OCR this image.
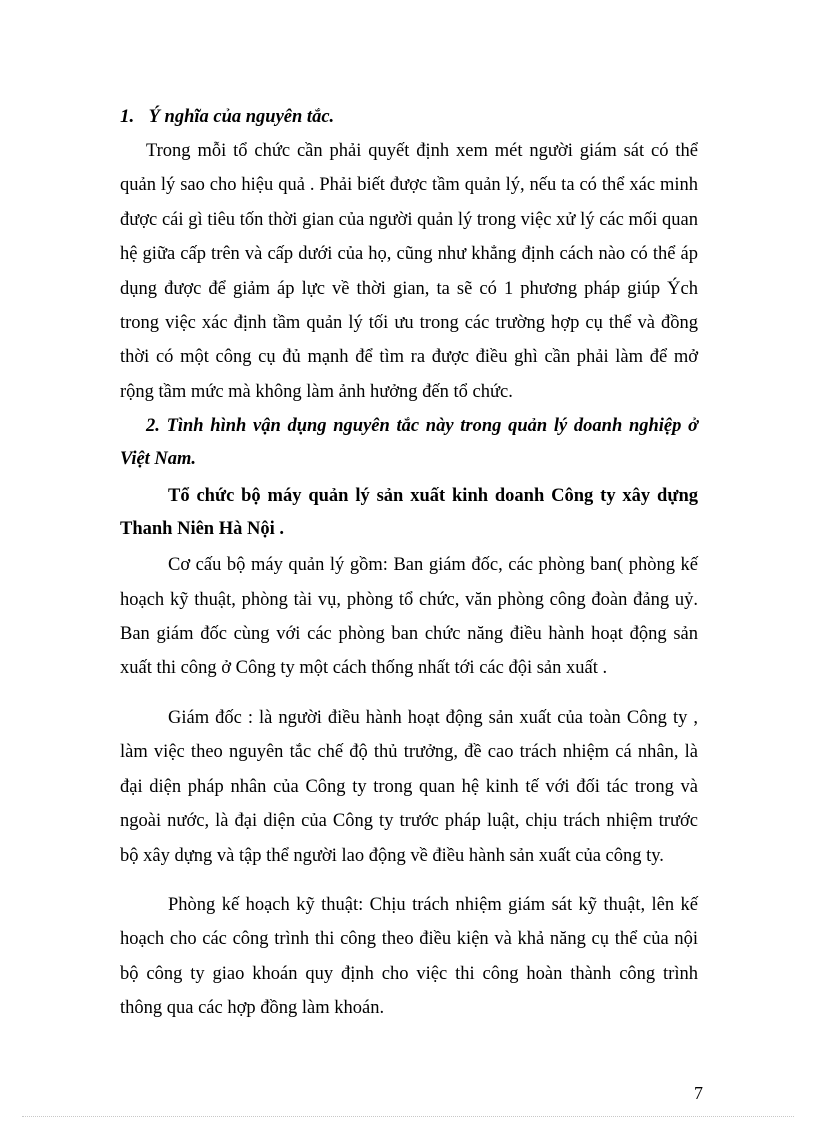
1. Ý nghĩa của nguyên tắc.

Trong mỗi tổ chức cần phải quyết định xem mét người giám sát có thể quản lý sao cho hiệu quả . Phải biết được tầm quản lý, nếu ta có thể xác minh được cái gì tiêu tốn thời gian của người quản lý trong việc xử lý các mối quan hệ giữa cấp trên và cấp dưới của họ, cũng như khẳng định cách nào có thể áp dụng được để giảm áp lực về thời gian, ta sẽ có 1 phương pháp giúp Ých trong việc xác định tầm quản lý tối ưu trong các trường hợp cụ thể và đồng thời có một công cụ đủ mạnh để tìm ra được điều ghì cần phải làm để mở rộng tầm mức mà không làm ảnh hưởng đến tổ chức.

2. Tình hình vận dụng nguyên tắc này trong quản lý doanh nghiệp ở Việt Nam.

Tổ chức bộ máy quản lý sản xuất kinh doanh Công ty xây dựng Thanh Niên Hà Nội .

Cơ cấu bộ máy quản lý gồm: Ban giám đốc, các phòng ban( phòng kế hoạch kỹ thuật, phòng tài vụ, phòng tổ chức, văn phòng công đoàn đảng uỷ. Ban giám đốc cùng với các phòng ban chức năng điều hành hoạt động sản xuất thi công ở Công ty một cách thống nhất tới các đội sản xuất .

Giám đốc : là người điều hành hoạt động sản xuất của toàn Công ty , làm việc theo nguyên tắc chế độ thủ trưởng, đề cao trách nhiệm cá nhân, là đại diện pháp nhân của Công ty trong quan hệ kinh tế với đối tác trong và ngoài nước, là đại diện của Công ty trước pháp luật, chịu trách nhiệm trước bộ xây dựng và tập thể người lao động về điều hành sản xuất của công ty.

Phòng kế hoạch kỹ thuật: Chịu trách nhiệm giám sát kỹ thuật, lên kế hoạch cho các công trình thi công theo điều kiện và khả năng cụ thể của nội bộ công ty giao khoán quy định cho việc thi công hoàn thành công trình thông qua các hợp đồng làm khoán.

7
